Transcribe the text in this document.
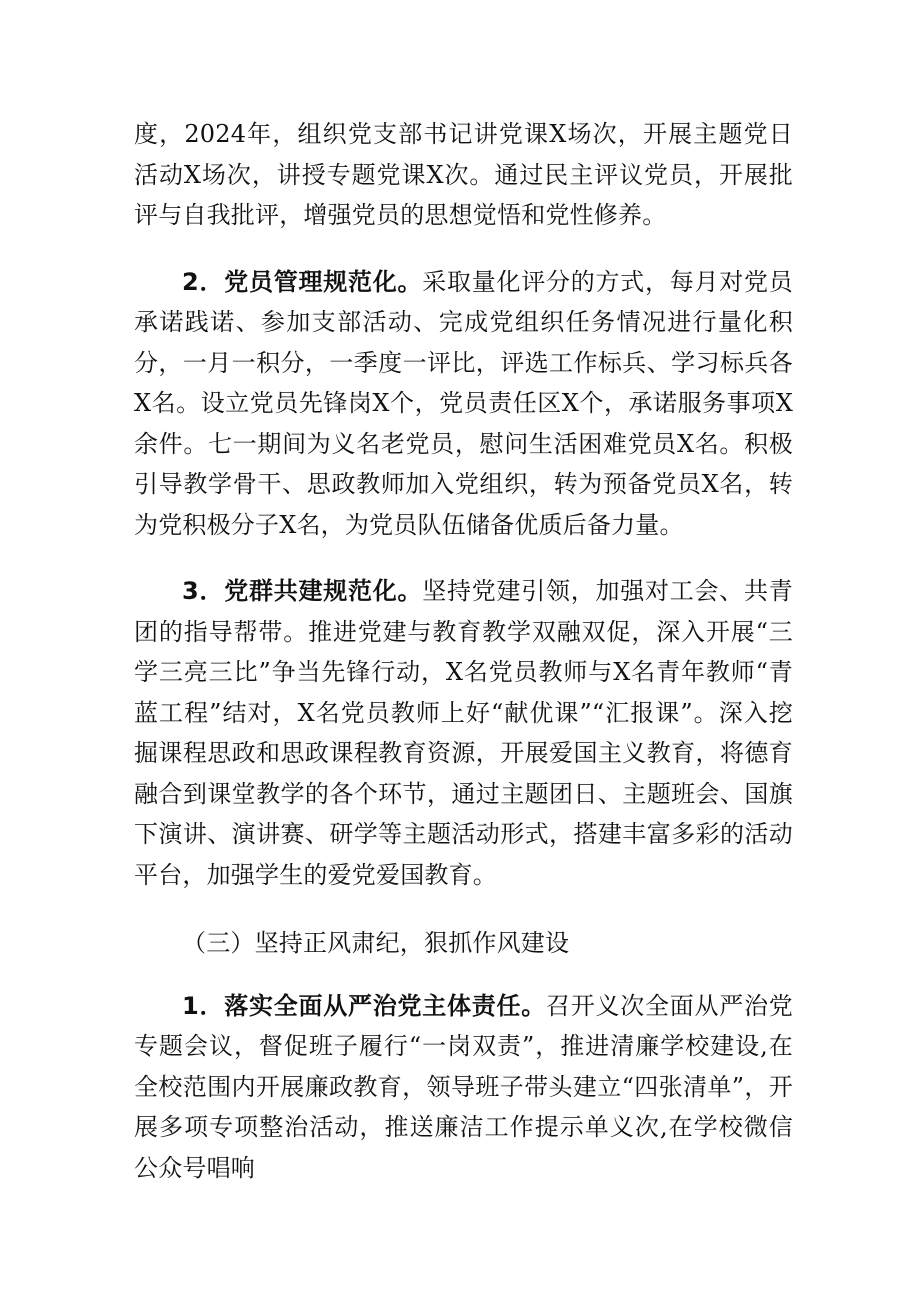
度，2024年，组织党支部书记讲党课X场次，开展主题党日活动X场次，讲授专题党课X次。通过民主评议党员，开展批评与自我批评，增强党员的思想觉悟和党性修养。

2．党员管理规范化。采取量化评分的方式，每月对党员承诺践诺、参加支部活动、完成党组织任务情况进行量化积分，一月一积分，一季度一评比，评选工作标兵、学习标兵各X名。设立党员先锋岗X个，党员责任区X个，承诺服务事项X余件。七一期间为义名老党员，慰问生活困难党员X名。积极引导教学骨干、思政教师加入党组织，转为预备党员X名，转为党积极分子X名，为党员队伍储备优质后备力量。

3．党群共建规范化。坚持党建引领，加强对工会、共青团的指导帮带。推进党建与教育教学双融双促，深入开展“三学三亮三比”争当先锋行动，X名党员教师与X名青年教师“青蓝工程”结对，X名党员教师上好“献优课”“汇报课”。深入挖掘课程思政和思政课程教育资源，开展爱国主义教育，将德育融合到课堂教学的各个环节，通过主题团日、主题班会、国旗下演讲、演讲赛、研学等主题活动形式，搭建丰富多彩的活动平台，加强学生的爱党爱国教育。

（三）坚持正风肃纪，狠抓作风建设

1．落实全面从严治党主体责任。召开义次全面从严治党专题会议，督促班子履行“一岗双责”，推进清廉学校建设,在全校范围内开展廉政教育，领导班子带头建立“四张清单”，开展多项专项整治活动，推送廉洁工作提示单义次,在学校微信公众号唱响
